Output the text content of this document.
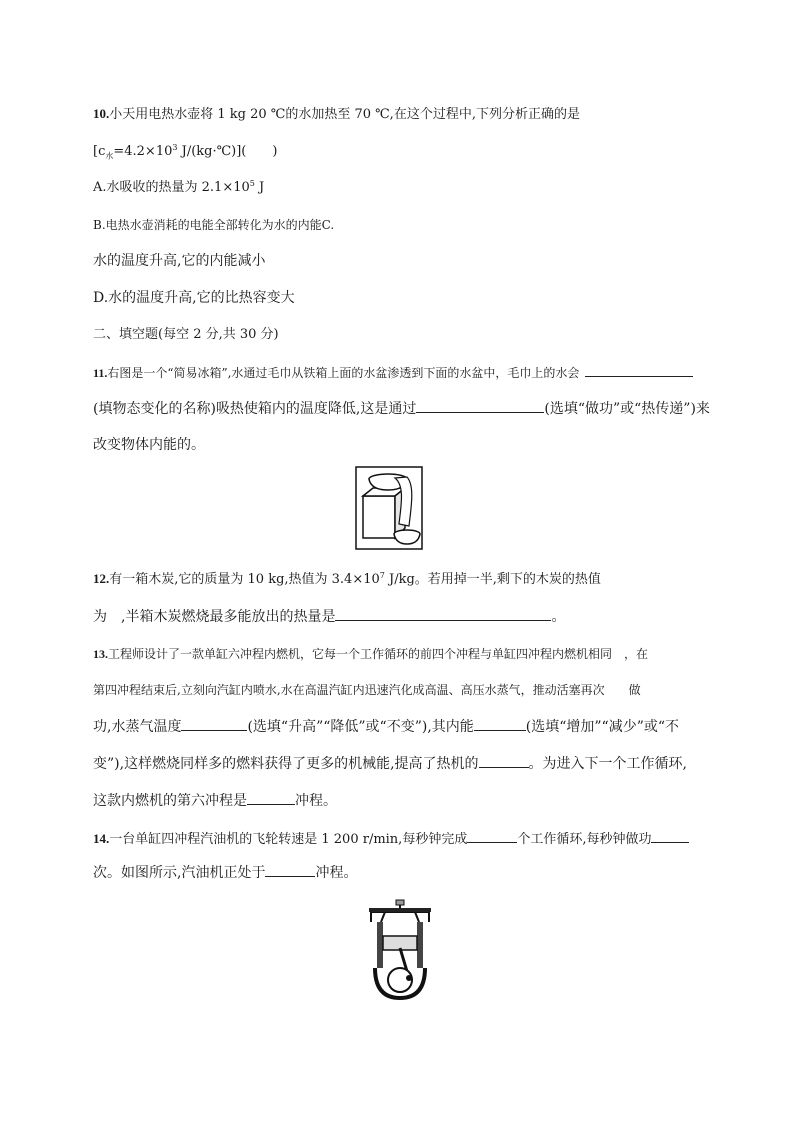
10.小天用电热水壶将 1 kg 20 ℃的水加热至 70 ℃,在这个过程中,下列分析正确的是
[$c_水=4.2\times 10^3$ J/(kg·℃)](　　)
A.水吸收的热量为 $2.1\times 10^5$ J
B.电热水壶消耗的电能全部转化为水的内能C.
水的温度升高,它的内能减小
D.水的温度升高,它的比热容变大
二、填空题(每空 2 分,共 30 分)
11.右图是一个“简易冰箱”,水通过毛巾从铁箱上面的水盆渗透到下面的水盆中，毛巾上的水会
(填物态变化的名称)吸热使箱内的温度降低,这是通过	(选填“做功”或“热传递”)来
改变物体内能的。
12.有一箱木炭,它的质量为 10 kg,热值为 $3.4\times 10^7$ J/kg。若用掉一半,剩下的木炭的热值
为 ,半箱木炭燃烧最多能放出的热量是	。
13.工程师设计了一款单缸六冲程内燃机，它每一个工作循环的前四个冲程与单缸四冲程内燃机相同　，在
第四冲程结束后,立刻向汽缸内喷水,水在高温汽缸内迅速汽化成高温、高压水蒸气，推动活塞再次　　做
功,水蒸气温度	(选填“升高”“降低”或“不变”),其内能	(选填“增加”“减少”或“不
变”),这样燃烧同样多的燃料获得了更多的机械能,提高了热机的	。为进入下一个工作循环,
这款内燃机的第六冲程是	冲程。
14.一台单缸四冲程汽油机的飞轮转速是 1 200 r/min,每秒钟完成	个工作循环,每秒钟做功
次。如图所示,汽油机正处于	冲程。
